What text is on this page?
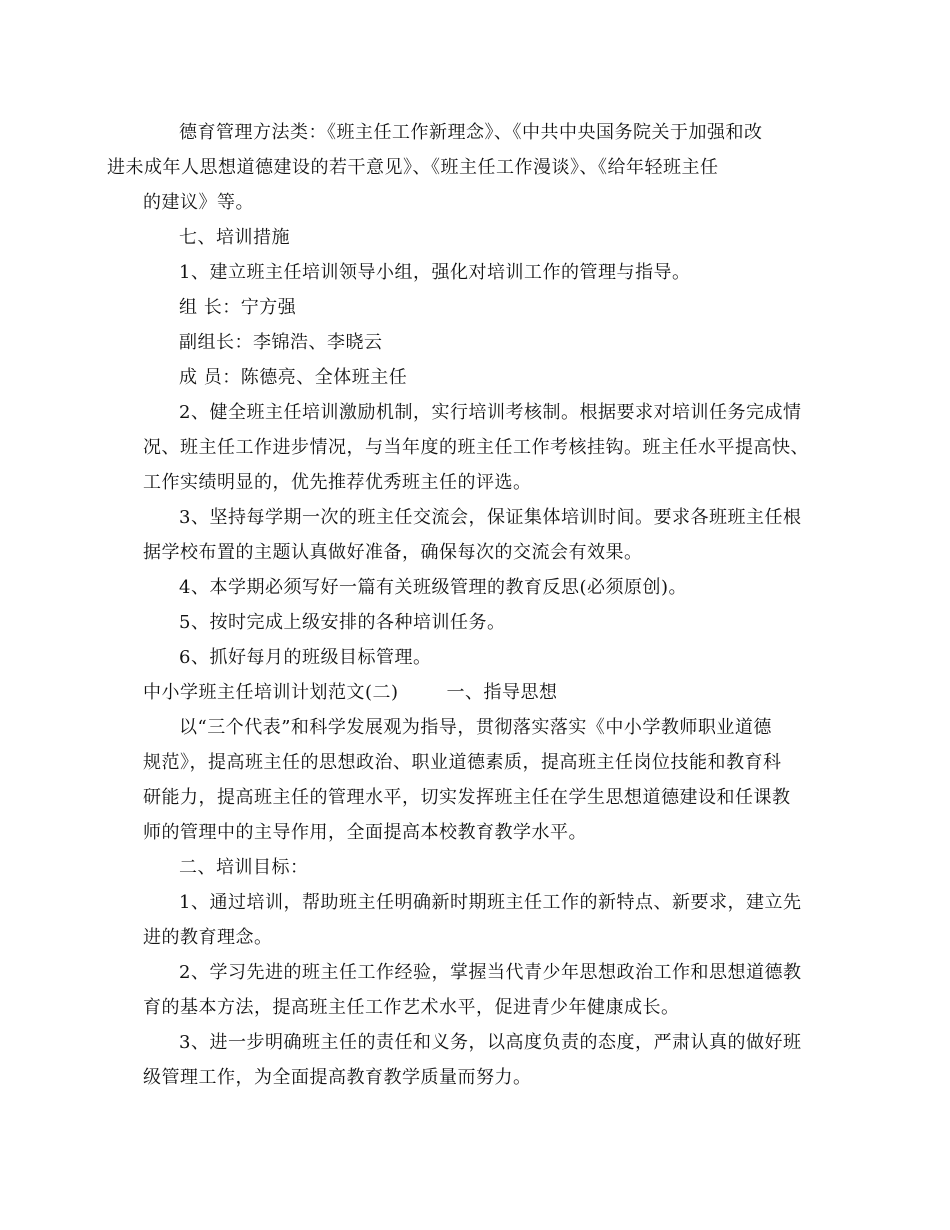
德育管理方法类：《班主任工作新理念》、《中共中央国务院关于加强和改
进未成年人思想道德建设的若干意见》、《班主任工作漫谈》、《给年轻班主任
的建议》等。

七、培训措施

1、建立班主任培训领导小组，强化对培训工作的管理与指导。

组 长：宁方强

副组长：李锦浩、李晓云

成 员：陈德亮、全体班主任

2、健全班主任培训激励机制，实行培训考核制。根据要求对培训任务完成情
况、班主任工作进步情况，与当年度的班主任工作考核挂钩。班主任水平提高快、
工作实绩明显的，优先推荐优秀班主任的评选。

3、坚持每学期一次的班主任交流会，保证集体培训时间。要求各班班主任根
据学校布置的主题认真做好准备，确保每次的交流会有效果。

4、本学期必须写好一篇有关班级管理的教育反思(必须原创)。

5、按时完成上级安排的各种培训任务。

6、抓好每月的班级目标管理。

中小学班主任培训计划范文(二)	一、指导思想

以“三个代表”和科学发展观为指导，贯彻落实落实《中小学教师职业道德
规范》，提高班主任的思想政治、职业道德素质，提高班主任岗位技能和教育科
研能力，提高班主任的管理水平，切实发挥班主任在学生思想道德建设和任课教
师的管理中的主导作用，全面提高本校教育教学水平。

二、培训目标：

1、通过培训，帮助班主任明确新时期班主任工作的新特点、新要求，建立先
进的教育理念。

2、学习先进的班主任工作经验，掌握当代青少年思想政治工作和思想道德教
育的基本方法，提高班主任工作艺术水平，促进青少年健康成长。

3、进一步明确班主任的责任和义务，以高度负责的态度，严肃认真的做好班
级管理工作，为全面提高教育教学质量而努力。
